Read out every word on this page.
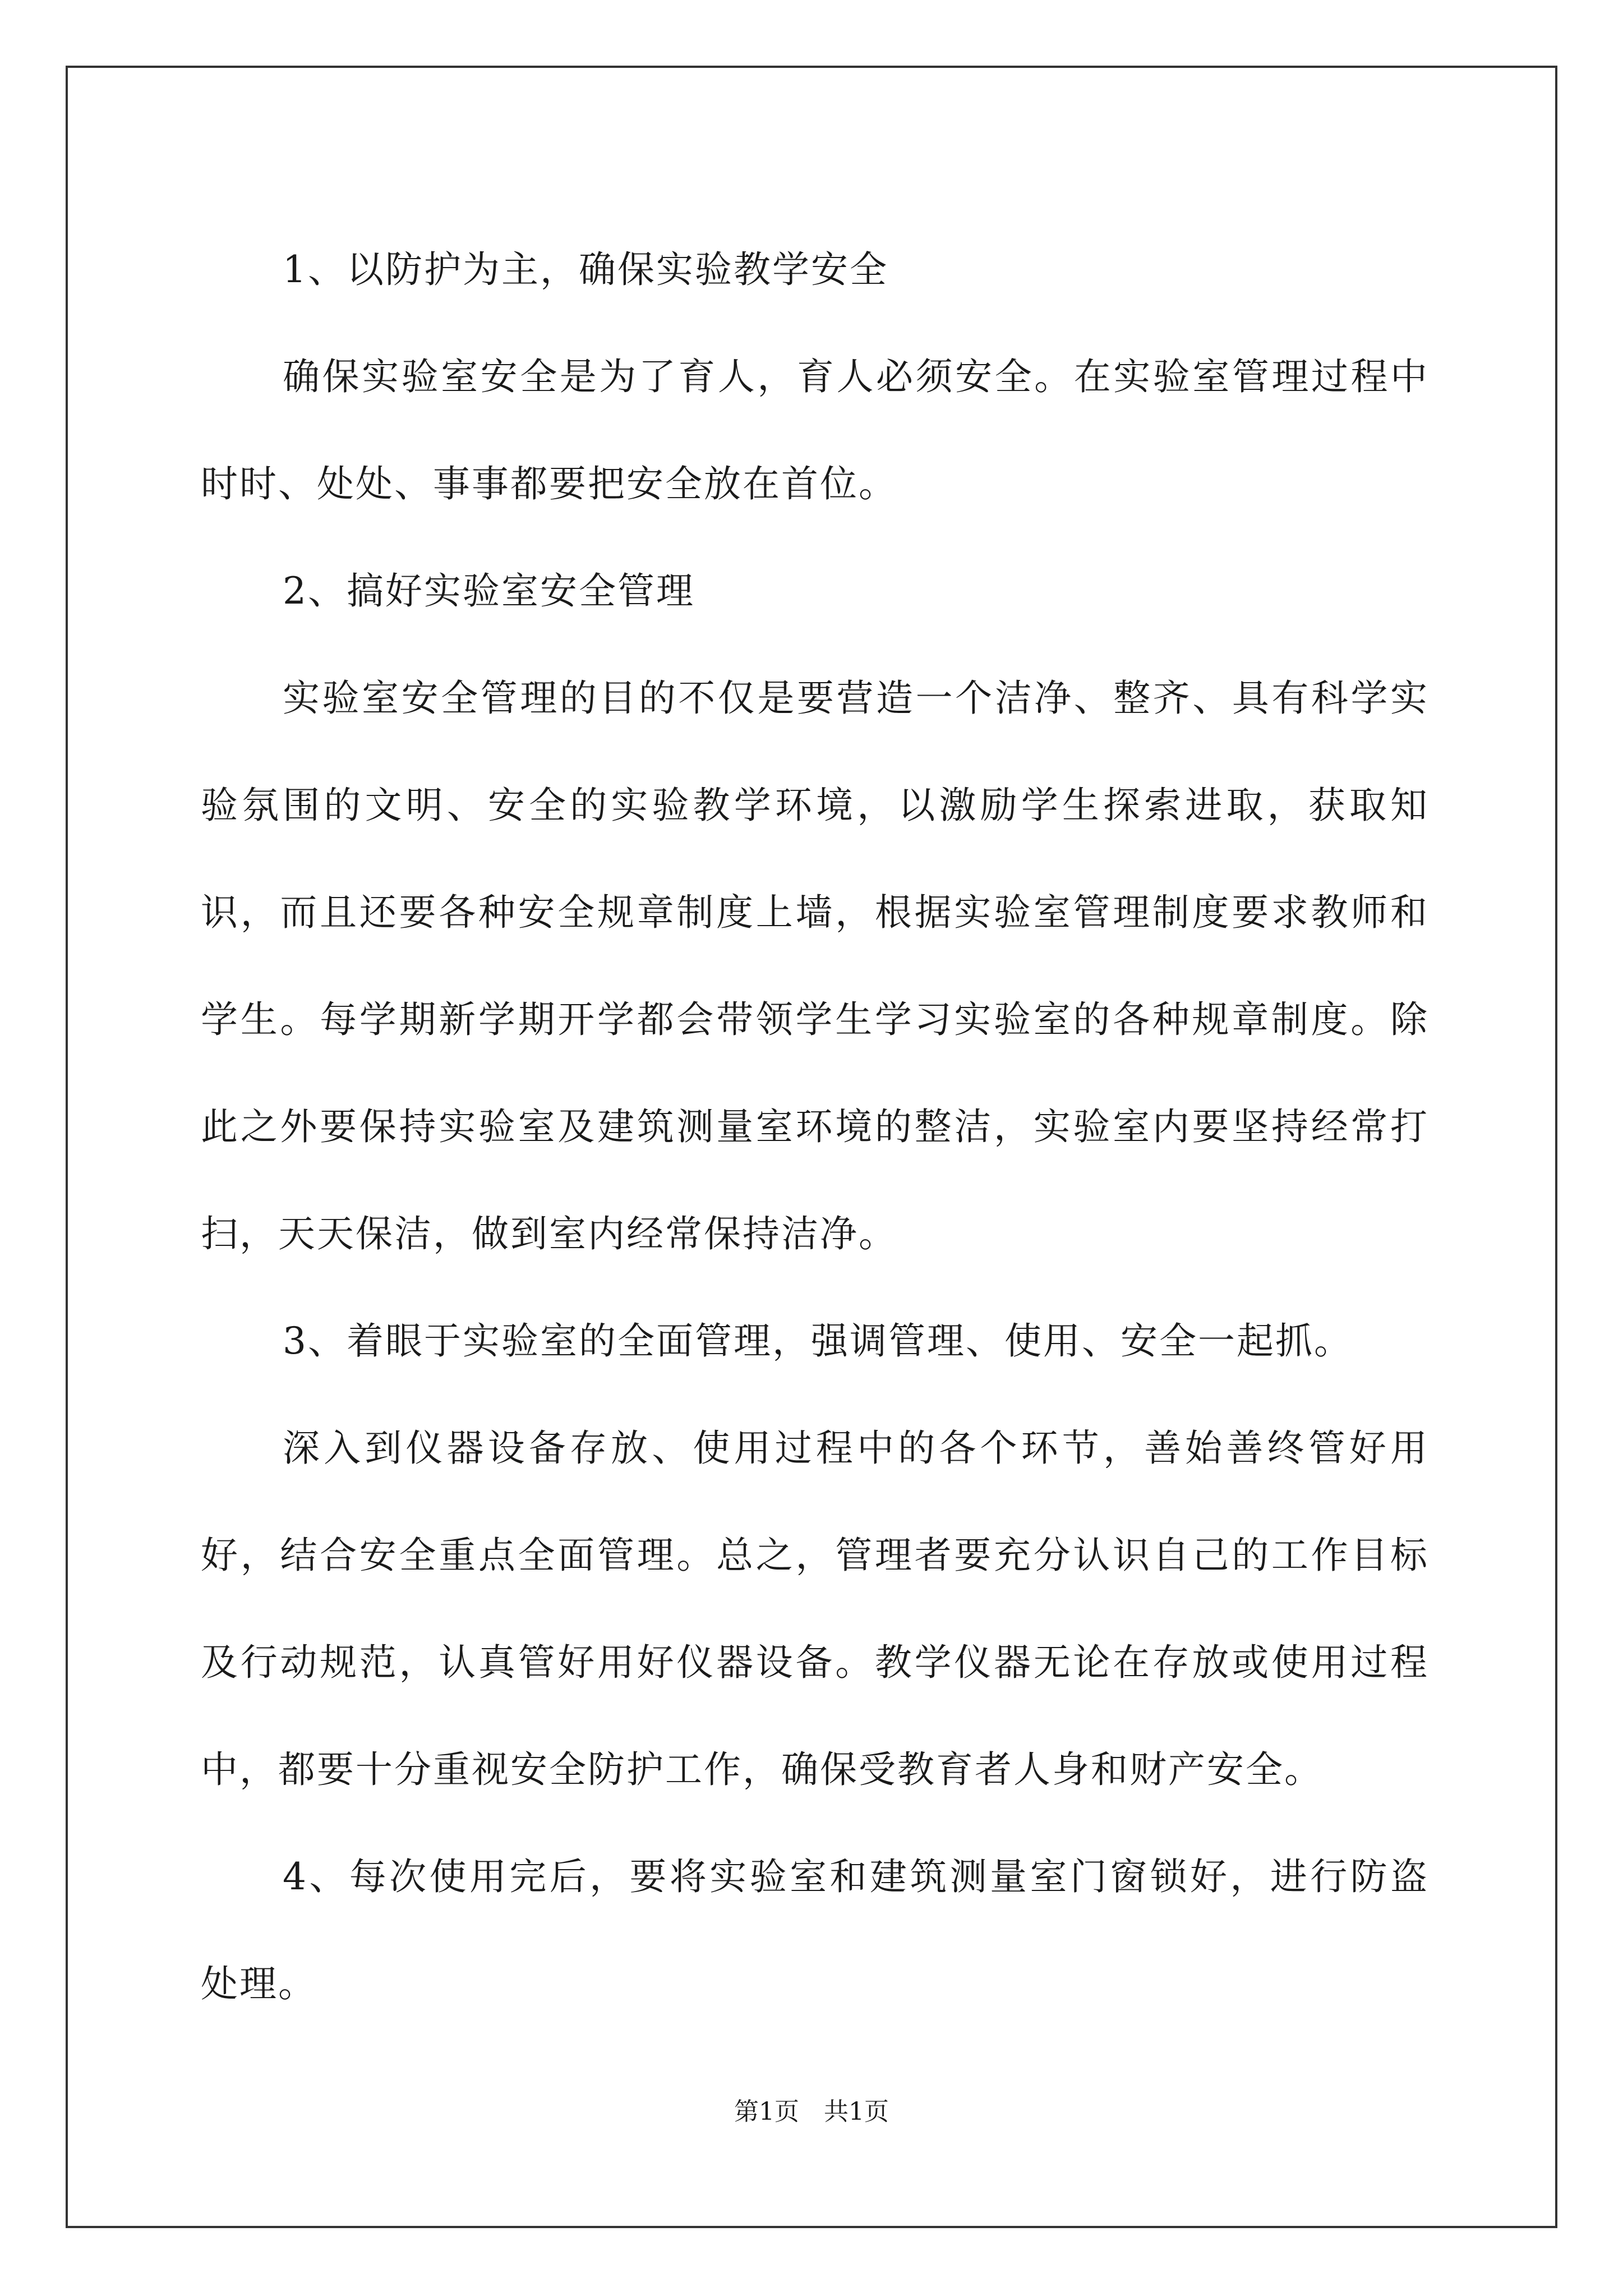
1、以防护为主，确保实验教学安全

确保实验室安全是为了育人，育人必须安全。在实验室管理过程中时时、处处、事事都要把安全放在首位。

2、搞好实验室安全管理

实验室安全管理的目的不仅是要营造一个洁净、整齐、具有科学实验氛围的文明、安全的实验教学环境，以激励学生探索进取，获取知识，而且还要各种安全规章制度上墙，根据实验室管理制度要求教师和学生。每学期新学期开学都会带领学生学习实验室的各种规章制度。除此之外要保持实验室及建筑测量室环境的整洁，实验室内要坚持经常打扫，天天保洁，做到室内经常保持洁净。

3、着眼于实验室的全面管理，强调管理、使用、安全一起抓。

深入到仪器设备存放、使用过程中的各个环节，善始善终管好用好，结合安全重点全面管理。总之，管理者要充分认识自己的工作目标及行动规范，认真管好用好仪器设备。教学仪器无论在存放或使用过程中，都要十分重视安全防护工作，确保受教育者人身和财产安全。

4、每次使用完后，要将实验室和建筑测量室门窗锁好，进行防盗处理。

第1页　共1页
